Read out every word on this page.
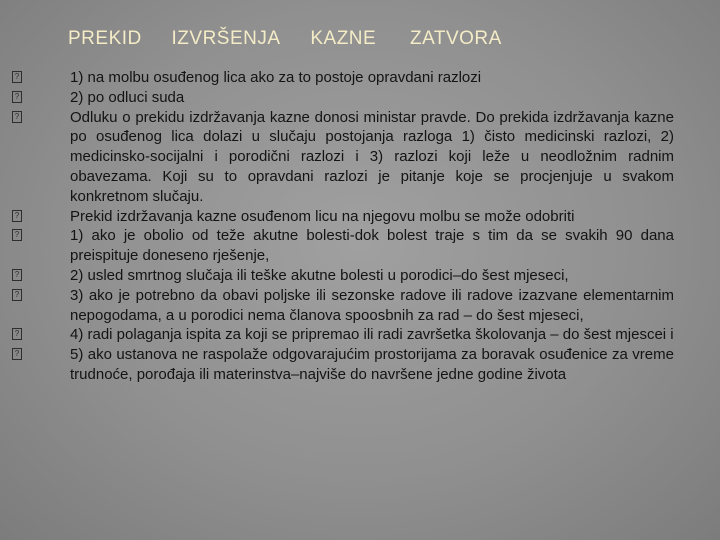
PREKID IZVRŠENJA KAZNE ZATVORA
?	1) na molbu osuđenog lica ako za to postoje opravdani razlozi
?	2) po odluci suda
?	Odluku o prekidu izdržavanja kazne donosi ministar pravde. Do prekida izdržavanja kazne po osuđenog lica dolazi u slučaju postojanja razloga 1) čisto medicinski razlozi, 2) medicinsko-socijalni i porodični razlozi i 3) razlozi koji leže u neodložnim radnim obavezama. Koji su to opravdani razlozi je pitanje koje se procjenjuje u svakom konkretnom slučaju.
?	Prekid izdržavanja kazne osuđenom licu na njegovu molbu se može odobriti
?	1) ako je obolio od teže akutne bolesti-dok bolest traje s tim da se svakih 90 dana preispituje doneseno rješenje,
?	2) usled smrtnog slučaja ili teške akutne bolesti u porodici–do šest mjeseci,
?	3) ako je potrebno da obavi poljske ili sezonske radove ili radove izazvane elementarnim nepogodama, a u porodici nema članova spoosbnih za rad – do šest mjeseci,
?	4) radi polaganja ispita za koji se pripremao ili radi završetka školovanja – do šest mjescei i
?	5) ako ustanova ne raspolaže odgovarajućim prostorijama za boravak osuđenice za vreme trudnoće, porođaja ili materinstva–najviše do navršene jedne godine života
